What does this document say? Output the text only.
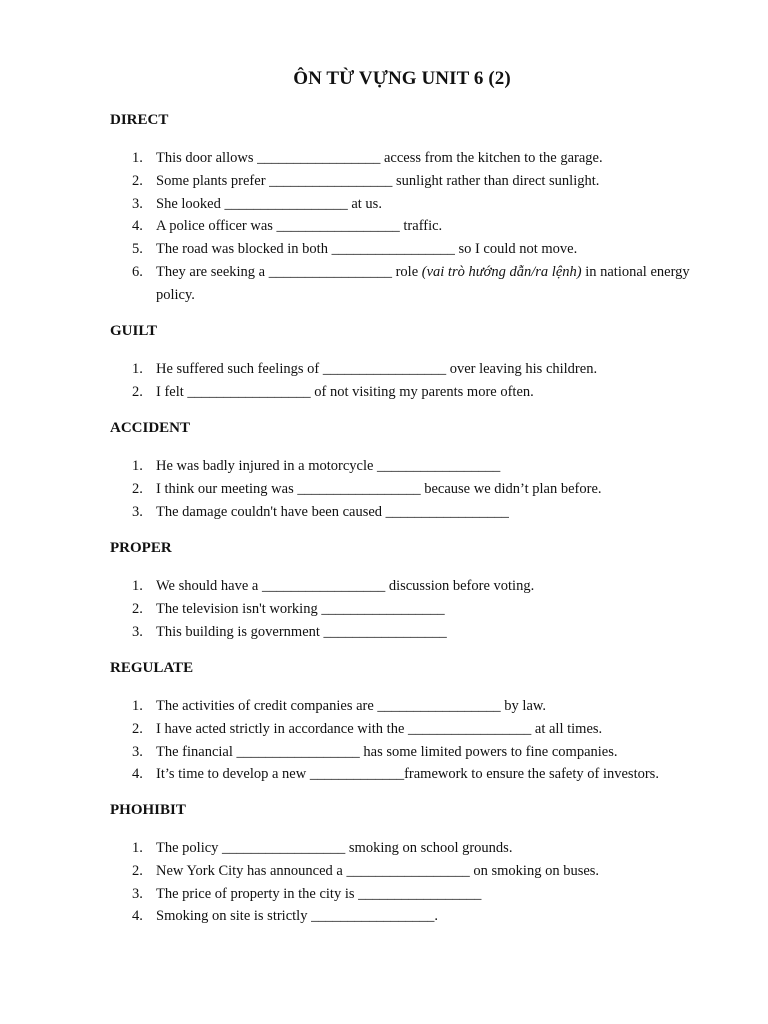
ÔN TỪ VỰNG UNIT 6 (2)

DIRECT

1. This door allows _________________ access from the kitchen to the garage.
2. Some plants prefer _________________ sunlight rather than direct sunlight.
3. She looked _________________ at us.
4. A police officer was _________________ traffic.
5. The road was blocked in both _________________ so I could not move.
6. They are seeking a _________________ role (vai trò hướng dẫn/ra lệnh) in national energy policy.

GUILT

1. He suffered such feelings of _________________ over leaving his children.
2. I felt _________________ of not visiting my parents more often.

ACCIDENT

1. He was badly injured in a motorcycle _________________
2. I think our meeting was _________________ because we didn’t plan before.
3. The damage couldn't have been caused _________________

PROPER

1. We should have a _________________ discussion before voting.
2. The television isn't working _________________
3. This building is government _________________

REGULATE

1. The activities of credit companies are _________________ by law.
2. I have acted strictly in accordance with the _________________ at all times.
3. The financial _________________ has some limited powers to fine companies.
4. It’s time to develop a new _____________framework to ensure the safety of investors.

PHOHIBIT

1. The policy _________________ smoking on school grounds.
2. New York City has announced a _________________ on smoking on buses.
3. The price of property in the city is _________________
4. Smoking on site is strictly _________________.
